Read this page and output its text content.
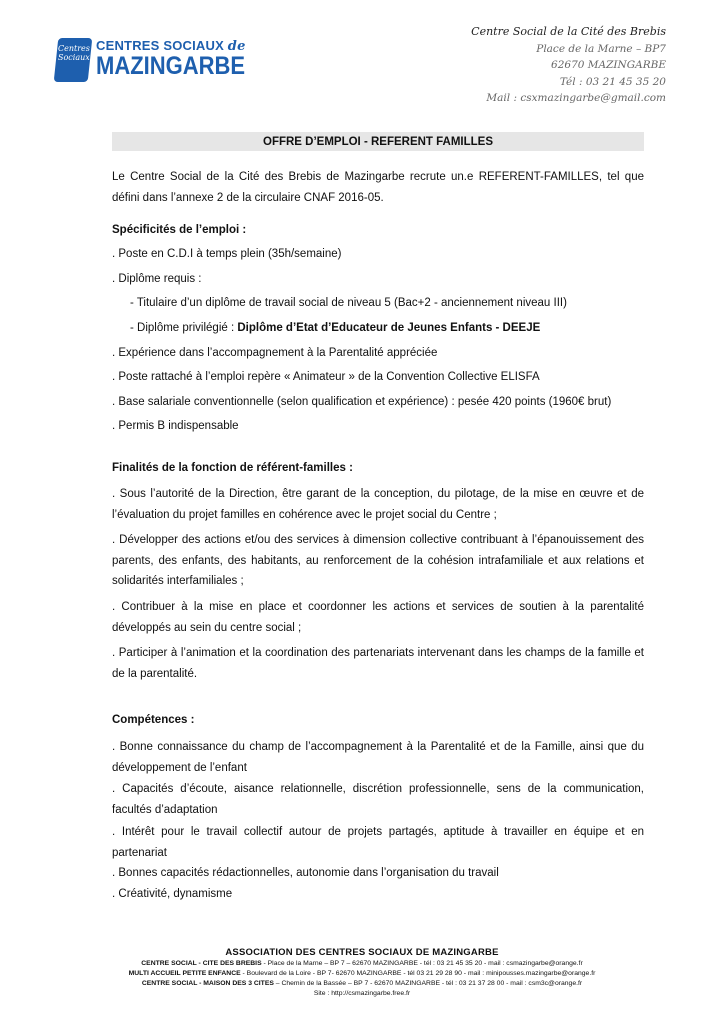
Centres Sociaux
CENTRES SOCIAUX de
MAZINGARBE
Centre Social de la Cité des Brebis
Place de la Marne – BP7
62670 MAZINGARBE
Tél : 03 21 45 35 20
Mail : csxmazingarbe@gmail.com
OFFRE D’EMPLOI - REFERENT FAMILLES
Le Centre Social de la Cité des Brebis de Mazingarbe recrute un.e REFERENT-FAMILLES, tel que défini dans l’annexe 2 de la circulaire CNAF 2016-05.
Spécificités de l’emploi :
. Poste en C.D.I à temps plein (35h/semaine)
. Diplôme requis :
- Titulaire d’un diplôme de travail social de niveau 5 (Bac+2 - anciennement niveau III)
- Diplôme privilégié : Diplôme d’Etat d’Educateur de Jeunes Enfants - DEEJE
. Expérience dans l’accompagnement à la Parentalité appréciée
. Poste rattaché à l’emploi repère « Animateur » de la Convention Collective ELISFA
. Base salariale conventionnelle (selon qualification et expérience) : pesée 420 points (1960€ brut)
. Permis B indispensable
Finalités de la fonction de référent-familles :
. Sous l’autorité de la Direction, être garant de la conception, du pilotage, de la mise en œuvre et de l’évaluation du projet familles en cohérence avec le projet social du Centre ;
. Développer des actions et/ou des services à dimension collective contribuant à l’épanouissement des parents, des enfants, des habitants, au renforcement de la cohésion intrafamiliale et aux relations et solidarités interfamiliales ;
. Contribuer à la mise en place et coordonner les actions et services de soutien à la parentalité développés au sein du centre social ;
. Participer à l’animation et la coordination des partenariats intervenant dans les champs de la famille et de la parentalité.
Compétences :
. Bonne connaissance du champ de l’accompagnement à la Parentalité et de la Famille, ainsi que du développement de l’enfant
. Capacités d’écoute, aisance relationnelle, discrétion professionnelle, sens de la communication, facultés d’adaptation
. Intérêt pour le travail collectif autour de projets partagés, aptitude à travailler en équipe et en partenariat
. Bonnes capacités rédactionnelles, autonomie dans l’organisation du travail
. Créativité, dynamisme
ASSOCIATION DES CENTRES SOCIAUX DE MAZINGARBE
CENTRE SOCIAL - CITE DES BREBIS - Place de la Marne – BP 7 – 62670 MAZINGARBE - tél : 03 21 45 35 20 - mail : csmazingarbe@orange.fr
MULTI ACCUEIL PETITE ENFANCE - Boulevard de la Loire - BP 7- 62670 MAZINGARBE - tél 03 21 29 28 90 - mail : minipousses.mazingarbe@orange.fr
CENTRE SOCIAL - MAISON DES 3 CITES – Chemin de la Bassée – BP 7 - 62670 MAZINGARBE - tél : 03 21 37 28 00 - mail : csm3c@orange.fr
Site : http://csmazingarbe.free.fr
